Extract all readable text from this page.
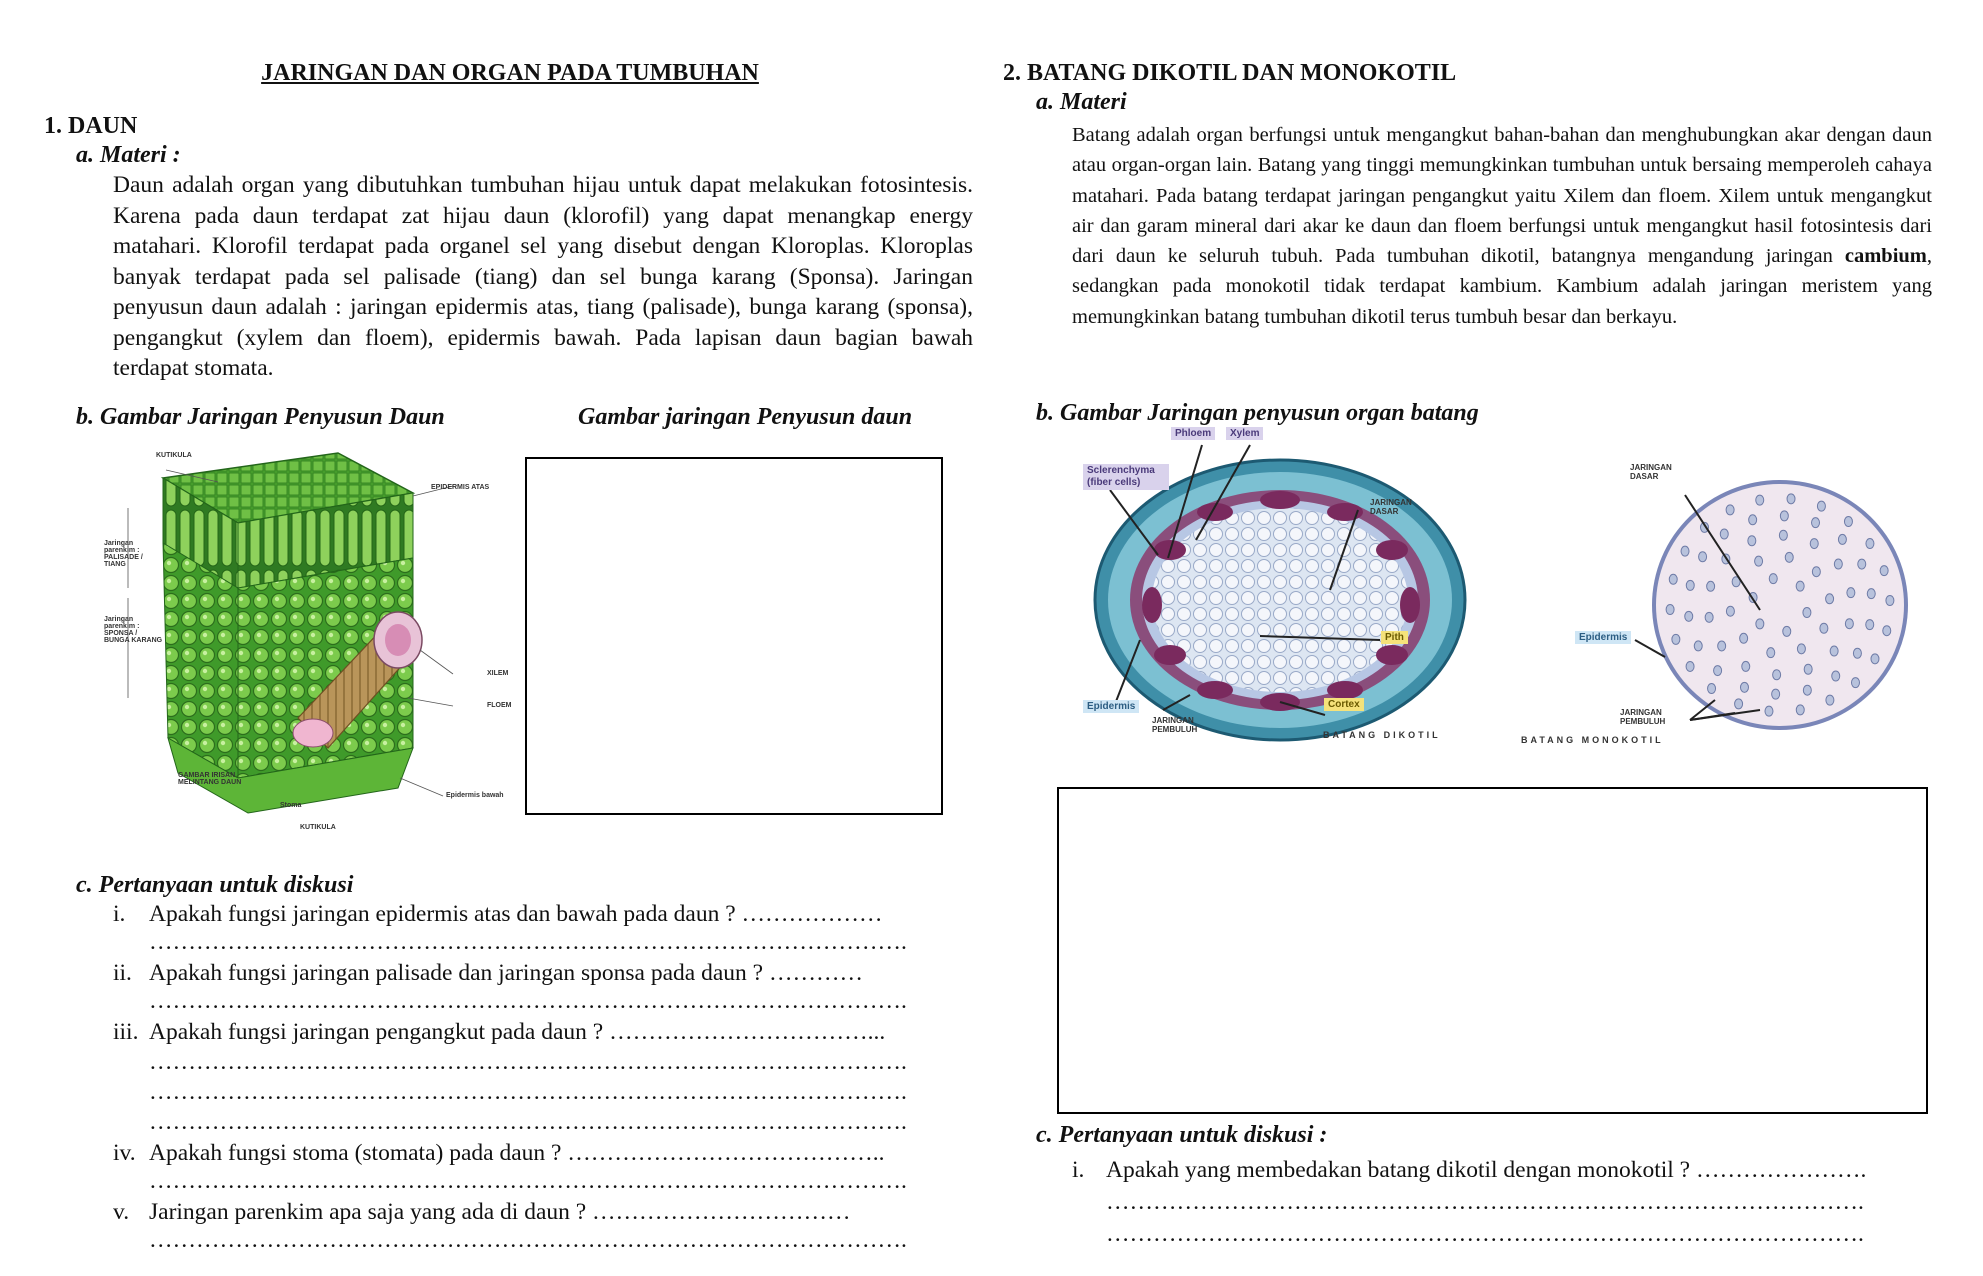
JARINGAN DAN ORGAN PADA TUMBUHAN
1. DAUN
a. Materi :
Daun adalah organ yang dibutuhkan tumbuhan hijau untuk dapat melakukan fotosintesis. Karena pada daun terdapat zat hijau daun (klorofil) yang dapat menangkap energy matahari. Klorofil terdapat pada organel sel yang disebut dengan Kloroplas. Kloroplas banyak terdapat pada sel palisade (tiang) dan sel bunga karang (Sponsa). Jaringan penyusun daun adalah : jaringan epidermis atas, tiang (palisade), bunga karang (sponsa), pengangkut (xylem dan floem), epidermis bawah. Pada lapisan daun bagian bawah terdapat stomata.
b. Gambar Jaringan Penyusun Daun	Gambar jaringan Penyusun daun
KUTIKULA
EPIDERMIS ATAS
Jaringan parenkim : PALISADE / TIANG
Jaringan parenkim : SPONSA / BUNGA KARANG
XILEM
FLOEM
GAMBAR IRISAN MELINTANG DAUN
Stoma
Epidermis bawah
KUTIKULA
c. Pertanyaan untuk diskusi
i. Apakah fungsi jaringan epidermis atas dan bawah pada daun ? ………………
…………………………………………………………………………………….
ii. Apakah fungsi jaringan palisade dan jaringan sponsa pada daun ? …………
…………………………………………………………………………………….
iii. Apakah fungsi jaringan pengangkut pada daun ? ……………………………...
…………………………………………………………………………………….
…………………………………………………………………………………….
…………………………………………………………………………………….
iv. Apakah fungsi stoma (stomata) pada daun ? …………………………………..
…………………………………………………………………………………….
v. Jaringan parenkim apa saja yang ada di daun ? ……………………………
…………………………………………………………………………………….
2. BATANG DIKOTIL DAN MONOKOTIL
a. Materi
Batang adalah organ berfungsi untuk mengangkut bahan-bahan dan menghubungkan akar dengan daun atau organ-organ lain. Batang yang tinggi memungkinkan tumbuhan untuk bersaing memperoleh cahaya matahari. Pada batang terdapat jaringan pengangkut yaitu Xilem dan floem. Xilem untuk mengangkut air dan garam mineral dari akar ke daun dan floem berfungsi untuk mengangkut hasil fotosintesis dari dari daun ke seluruh tubuh. Pada tumbuhan dikotil, batangnya mengandung jaringan cambium, sedangkan pada monokotil tidak terdapat kambium. Kambium adalah jaringan meristem yang memungkinkan batang tumbuhan dikotil terus tumbuh besar dan berkayu.
b. Gambar Jaringan penyusun organ batang
Phloem	Xylem
Sclerenchyma (fiber cells)
JARINGAN DASAR
Pith
Epidermis	Cortex
JARINGAN PEMBULUH
BATANG DIKOTIL
JARINGAN DASAR
Epidermis
JARINGAN PEMBULUH
BATANG MONOKOTIL
c. Pertanyaan untuk diskusi :
i. Apakah yang membedakan batang dikotil dengan monokotil ? ………………….
…………………………………………………………………………………….
…………………………………………………………………………………….
